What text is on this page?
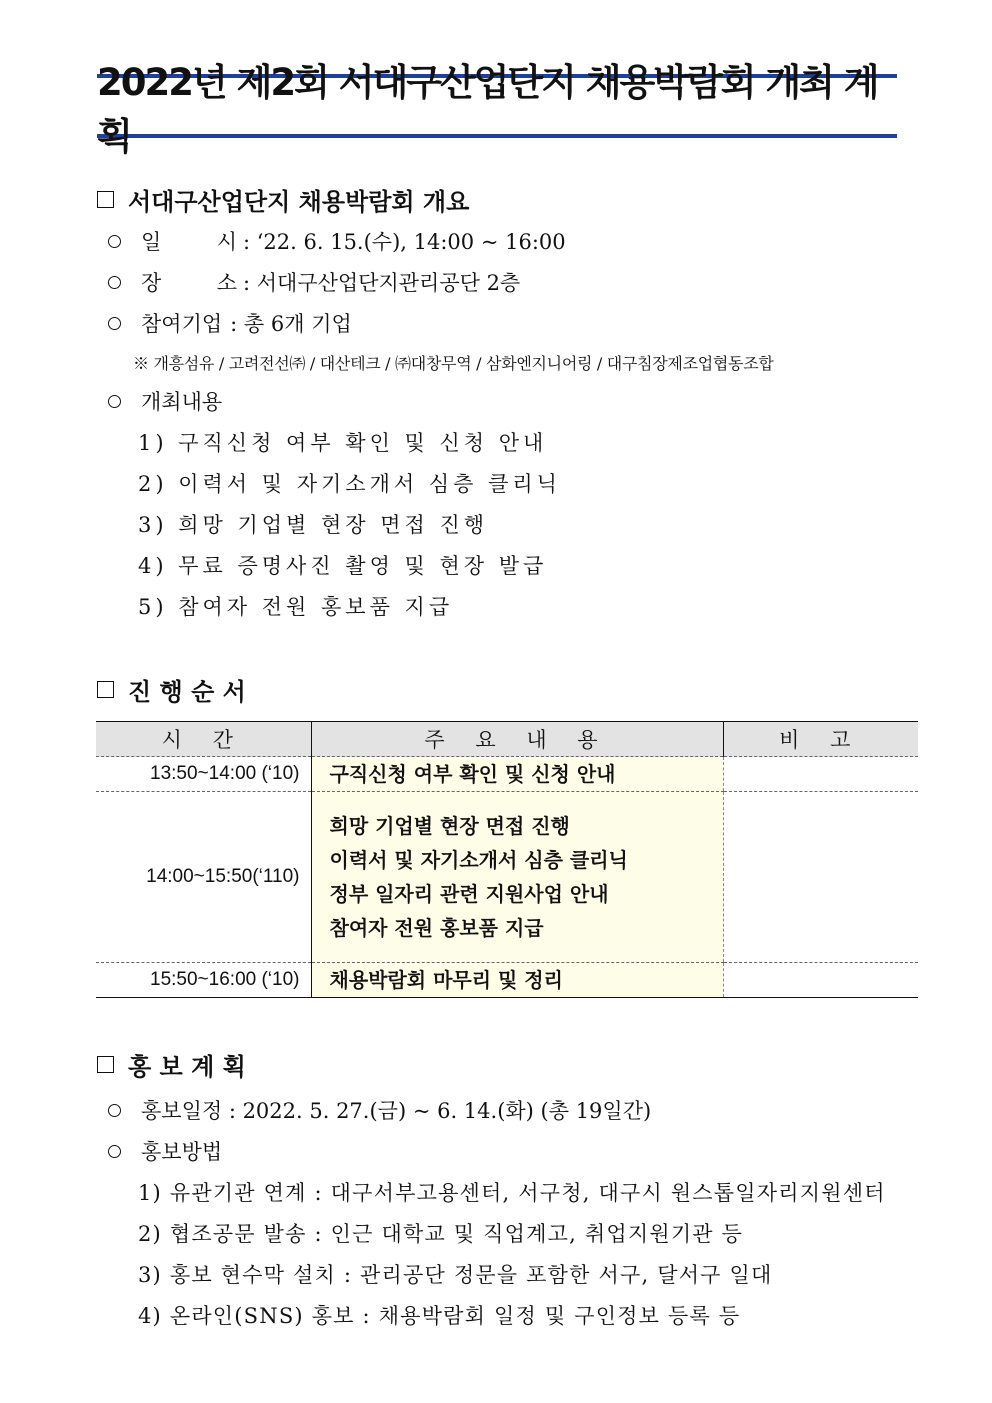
2022년 제2회 서대구산업단지 채용박람회 개최 계획
서대구산업단지 채용박람회 개요
일	시 : ‘22. 6. 15.(수), 14:00 ~ 16:00
장	소 : 서대구산업단지관리공단 2층
참여기업 : 총 6개 기업
※ 개흥섬유 / 고려전선㈜ / 대산테크 / ㈜대창무역 / 삼화엔지니어링 / 대구침장제조업협동조합
개최내용
1) 구직신청 여부 확인 및 신청 안내
2) 이력서 및 자기소개서 심층 클리닉
3) 희망 기업별 현장 면접 진행
4) 무료 증명사진 촬영 및 현장 발급
5) 참여자 전원 홍보품 지급
진 행 순 서
시 간	주 요 내 용	비 고
13:50~14:00 (‘10)	구직신청 여부 확인 및 신청 안내	

14:00~15:50(‘110)	희망 기업별 현장 면접 진행
이력서 및 자기소개서 심층 클리닉
정부 일자리 관련 지원사업 안내
참여자 전원 홍보품 지급	

15:50~16:00 (‘10)	채용박람회 마무리 및 정리	

홍 보 계 획
홍보일정 : 2022. 5. 27.(금) ~ 6. 14.(화) (총 19일간)
홍보방법
1) 유관기관 연계 : 대구서부고용센터, 서구청, 대구시 원스톱일자리지원센터
2) 협조공문 발송 : 인근 대학교 및 직업계고, 취업지원기관 등
3) 홍보 현수막 설치 : 관리공단 정문을 포함한 서구, 달서구 일대
4) 온라인(SNS) 홍보 : 채용박람회 일정 및 구인정보 등록 등
